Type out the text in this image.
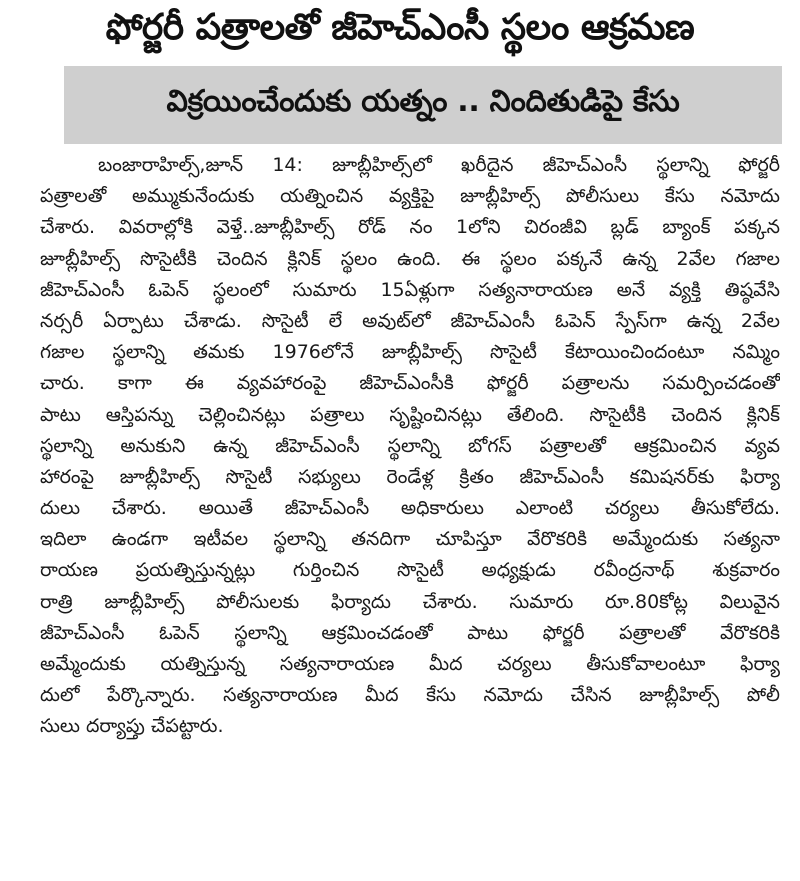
ఫోర్జరీ పత్రాలతో జీహెచ్‌ఎంసీ స్థలం ఆక్రమణ
విక్రయించేందుకు యత్నం .. నిందితుడిపై కేసు
బంజారాహిల్స్,జూన్ 14: జూబ్లీహిల్స్‌లో ఖరీదైన జీహెచ్ఎంసీ స్థలాన్ని ఫోర్జరీ
పత్రాలతో అమ్ముకునేందుకు యత్నించిన వ్యక్తిపై జూబ్లీహిల్స్ పోలీసులు కేసు నమోదు
చేశారు. వివరాల్లోకి వెళ్తే..జూబ్లీహిల్స్ రోడ్ నం 1లోని చిరంజీవి బ్లడ్ బ్యాంక్ పక్కన
జూబ్లీహిల్స్ సొసైటీకి చెందిన క్లినిక్ స్థలం ఉంది. ఈ స్థలం పక్కనే ఉన్న 2వేల గజాల
జీహెచ్ఎంసీ ఓపెన్ స్థలంలో సుమారు 15ఏళ్లుగా సత్యనారాయణ అనే వ్యక్తి తిష్ఠవేసి
నర్సరీ ఏర్పాటు చేశాడు. సొసైటీ లే అవుట్‌లో జీహెచ్ఎంసీ ఓపెన్ స్పేస్‌గా ఉన్న 2వేల
గజాల స్థలాన్ని తమకు 1976లోనే జూబ్లీహిల్స్ సొసైటీ కేటాయించిందంటూ నమ్మిం
చారు. కాగా ఈ వ్యవహారంపై జీహెచ్ఎంసీకి ఫోర్జరీ పత్రాలను సమర్పించడంతో
పాటు ఆస్తిపన్ను చెల్లించినట్లు పత్రాలు సృష్టించినట్లు తేలింది. సొసైటీకి చెందిన క్లినిక్
స్థలాన్ని అనుకుని ఉన్న జీహెచ్ఎంసీ స్థలాన్ని బోగస్ పత్రాలతో ఆక్రమించిన వ్యవ
హారంపై జూబ్లీహిల్స్ సొసైటీ సభ్యులు రెండేళ్ల క్రితం జీహెచ్ఎంసీ కమిషనర్‌కు ఫిర్యా
దులు చేశారు. అయితే జీహెచ్ఎంసీ అధికారులు ఎలాంటి చర్యలు తీసుకోలేదు.
ఇదిలా ఉండగా ఇటీవల స్థలాన్ని తనదిగా చూపిస్తూ వేరొకరికి అమ్మేందుకు సత్యనా
రాయణ ప్రయత్నిస్తున్నట్లు గుర్తించిన సొసైటీ అధ్యక్షుడు రవీంద్రనాథ్ శుక్రవారం
రాత్రి జూబ్లీహిల్స్ పోలీసులకు ఫిర్యాదు చేశారు. సుమారు రూ.80కోట్ల విలువైన
జీహెచ్ఎంసీ ఓపెన్ స్థలాన్ని ఆక్రమించడంతో పాటు ఫోర్జరీ పత్రాలతో వేరొకరికి
అమ్మేందుకు యత్నిస్తున్న సత్యనారాయణ మీద చర్యలు తీసుకోవాలంటూ ఫిర్యా
దులో పేర్కొన్నారు. సత్యనారాయణ మీద కేసు నమోదు చేసిన జూబ్లీహిల్స్ పోలీ
సులు దర్యాప్తు చేపట్టారు.
